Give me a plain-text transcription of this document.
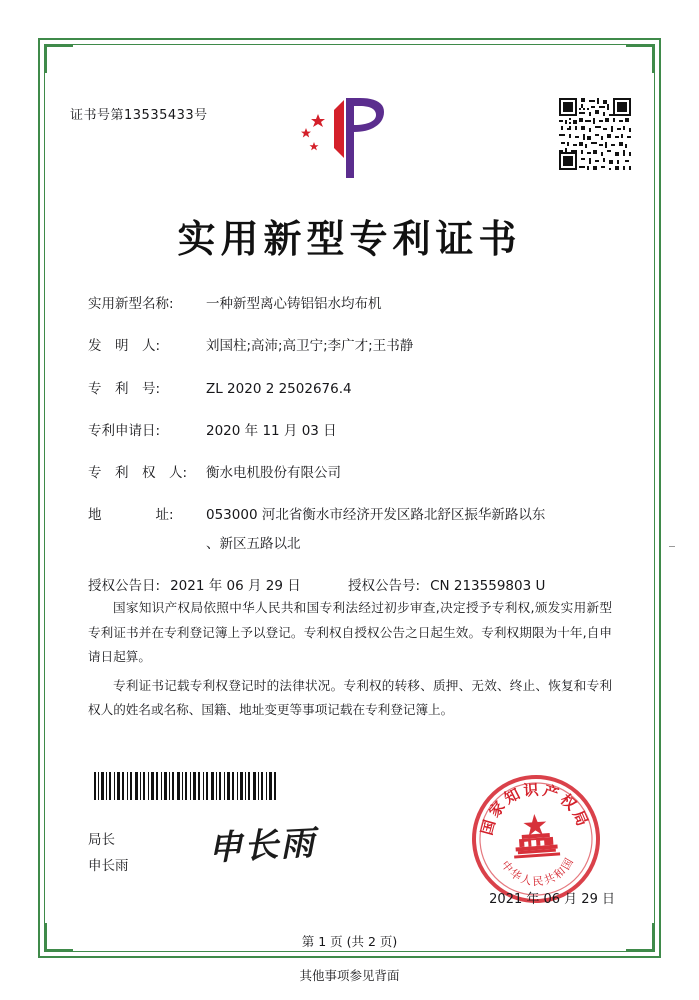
证书号第13535433号
实用新型专利证书
实用新型名称:	一种新型离心铸铝铝水均布机
发　明　人:	刘国柱;高沛;高卫宁;李广才;王书静
专　利　号:	ZL 2020 2 2502676.4
专利申请日:	2020 年 11 月 03 日
专　利　权　人:	衡水电机股份有限公司
地　　　　址:	053000 河北省衡水市经济开发区路北舒区振华新路以东
、新区五路以北
授权公告日: 2021 年 06 月 29 日	授权公告号: CN 213559803 U

国家知识产权局依照中华人民共和国专利法经过初步审查,决定授予专利权,颁发实用新型专利证书并在专利登记簿上予以登记。专利权自授权公告之日起生效。专利权期限为十年,自申请日起算。

专利证书记载专利权登记时的法律状况。专利权的转移、质押、无效、终止、恢复和专利权人的姓名或名称、国籍、地址变更等事项记载在专利登记簿上。

局长
申长雨 申长雨	国家知识产权局
中华人民共和国
2021 年 06 月 29 日
第 1 页 (共 2 页)
其他事项参见背面
